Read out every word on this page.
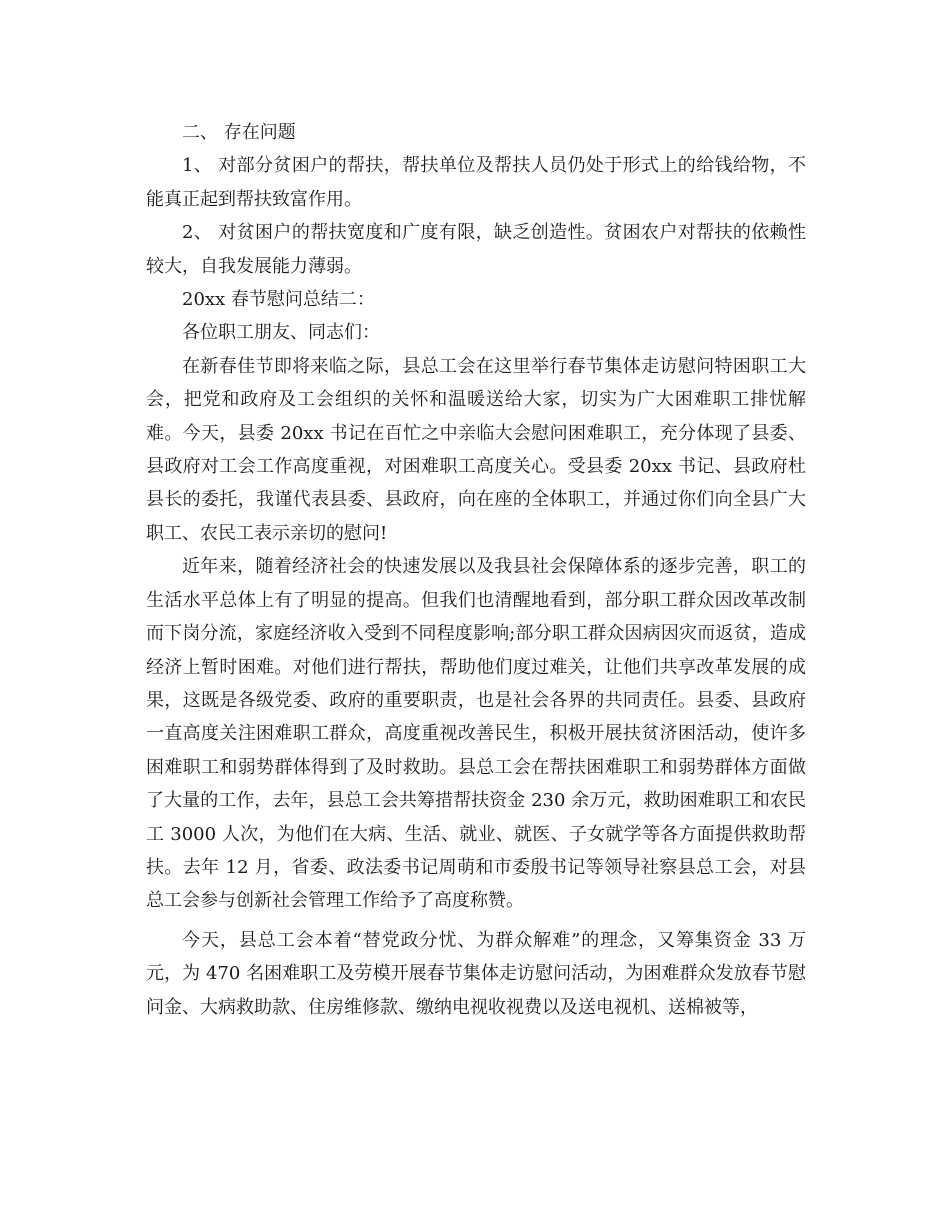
二、 存在问题

1、 对部分贫困户的帮扶，帮扶单位及帮扶人员仍处于形式上的给钱给物，不能真正起到帮扶致富作用。

2、 对贫困户的帮扶宽度和广度有限，缺乏创造性。贫困农户对帮扶的依赖性较大，自我发展能力薄弱。

20xx 春节慰问总结二：

各位职工朋友、同志们：

在新春佳节即将来临之际，县总工会在这里举行春节集体走访慰问特困职工大会，把党和政府及工会组织的关怀和温暖送给大家，切实为广大困难职工排忧解难。今天，县委 20xx 书记在百忙之中亲临大会慰问困难职工，充分体现了县委、县政府对工会工作高度重视，对困难职工高度关心。受县委 20xx 书记、县政府杜县长的委托，我谨代表县委、县政府，向在座的全体职工，并通过你们向全县广大职工、农民工表示亲切的慰问!

近年来，随着经济社会的快速发展以及我县社会保障体系的逐步完善，职工的生活水平总体上有了明显的提高。但我们也清醒地看到，部分职工群众因改革改制而下岗分流，家庭经济收入受到不同程度影响;部分职工群众因病因灾而返贫，造成经济上暂时困难。对他们进行帮扶，帮助他们度过难关，让他们共享改革发展的成果，这既是各级党委、政府的重要职责，也是社会各界的共同责任。县委、县政府一直高度关注困难职工群众，高度重视改善民生，积极开展扶贫济困活动，使许多困难职工和弱势群体得到了及时救助。县总工会在帮扶困难职工和弱势群体方面做了大量的工作，去年，县总工会共筹措帮扶资金 230 余万元，救助困难职工和农民工 3000 人次，为他们在大病、生活、就业、就医、子女就学等各方面提供救助帮扶。去年 12 月，省委、政法委书记周萌和市委殷书记等领导社察县总工会，对县总工会参与创新社会管理工作给予了高度称赞。

今天，县总工会本着“替党政分忧、为群众解难”的理念，又筹集资金 33 万元，为 470 名困难职工及劳模开展春节集体走访慰问活动，为困难群众发放春节慰问金、大病救助款、住房维修款、缴纳电视收视费以及送电视机、送棉被等，
